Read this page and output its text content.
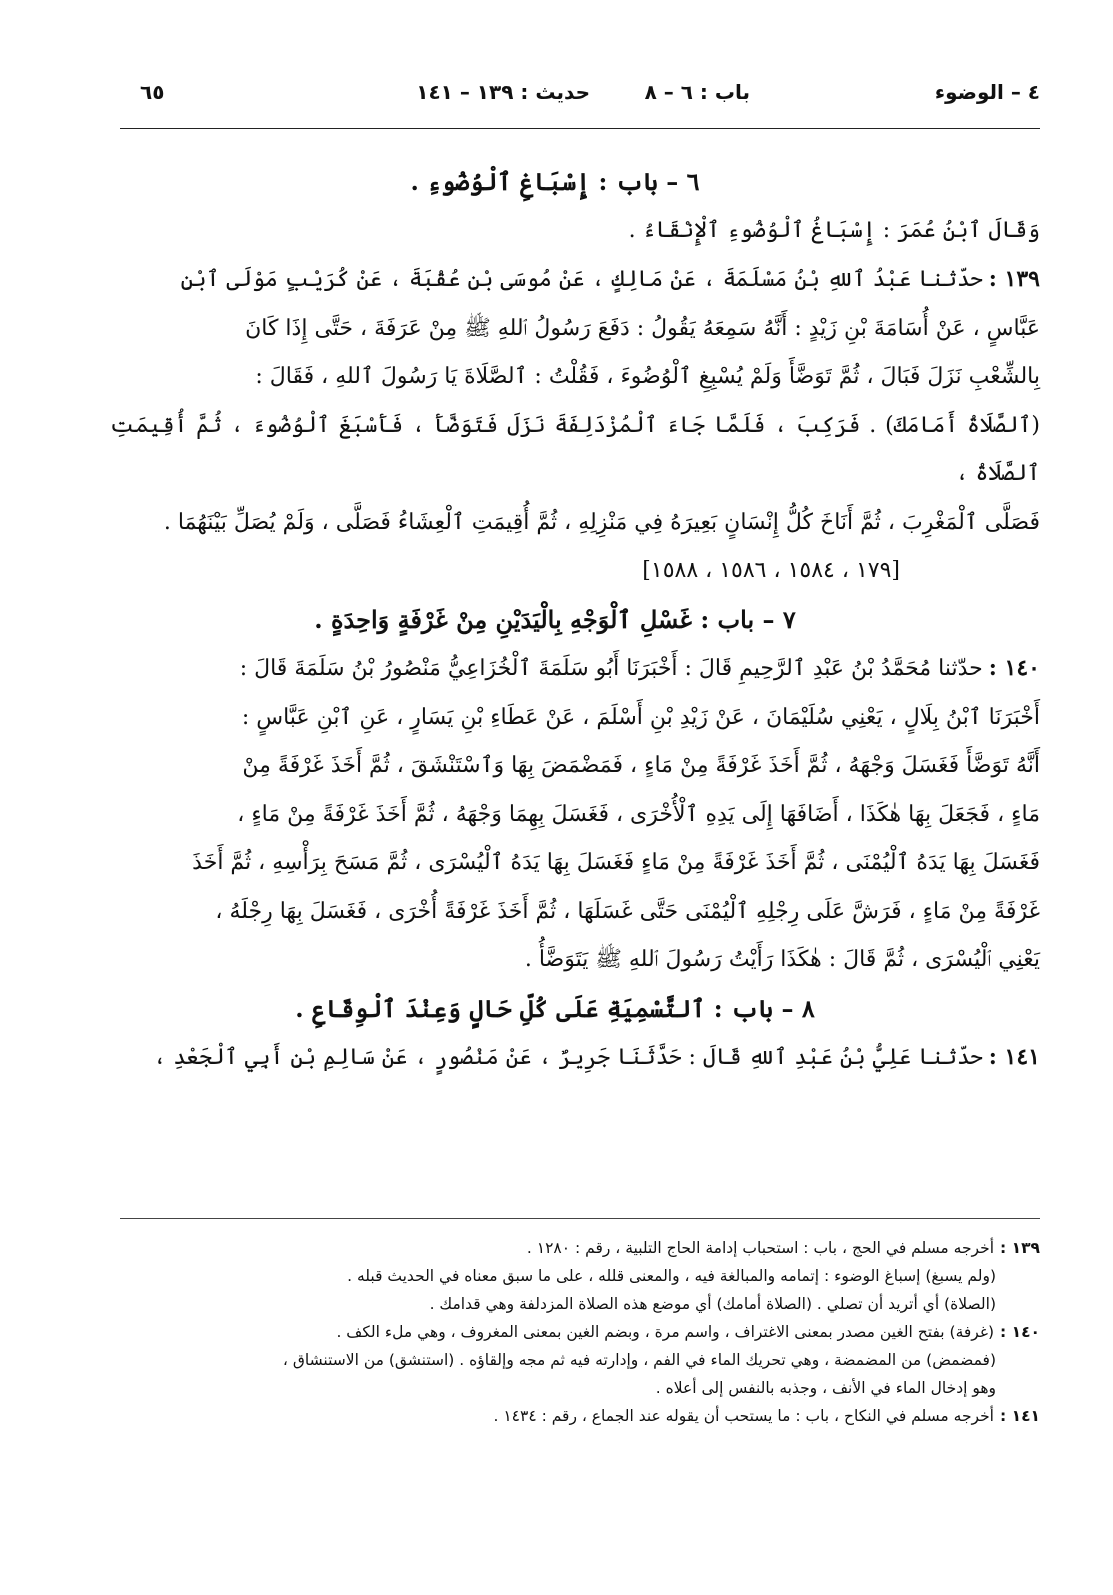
٤ – الوضوء
باب : ٦ – ٨
حديث : ١٣٩ – ١٤١
٦٥

٦ – باب : إِسْبَاغِ ٱلْوُضُوءِ .

وَقَالَ ٱبْنُ عُمَرَ : إِسْبَاغُ ٱلْوُضُوءِ ٱلْإِنْقَاءُ .

١٣٩ :حدّثنا عَبْدُ ٱللهِ بْنُ مَسْلَمَةَ ، عَنْ مَالِكٍ ، عَنْ مُوسَى بْنِ عُقْبَةَ ، عَنْ كُرَيْبٍ مَوْلَى ٱبْنِ

عَبَّاسٍ ، عَنْ أُسَامَةَ بْنِ زَيْدٍ : أَنَّهُ سَمِعَهُ يَقُولُ : دَفَعَ رَسُولُ ٱللهِ ﷺ مِنْ عَرَفَةَ ، حَتَّى إِذَا كَانَ

بِالشِّعْبِ نَزَلَ فَبَالَ ، ثُمَّ تَوَضَّأَ وَلَمْ يُسْبِغِ ٱلْوُضُوءَ ، فَقُلْتُ : ٱلصَّلَاةَ يَا رَسُولَ ٱللهِ ، فَقَالَ :

(ٱلصَّلَاةُ أَمَامَكَ) . فَرَكِبَ ، فَلَمَّا جَاءَ ٱلْمُزْدَلِفَةَ نَزَلَ فَتَوَضَّأَ ، فَأَسْبَغَ ٱلْوُضُوءَ ، ثُمَّ أُقِيمَتِ ٱلصَّلَاةُ ،

فَصَلَّى ٱلْمَغْرِبَ ، ثُمَّ أَنَاخَ كُلُّ إِنْسَانٍ بَعِيرَهُ فِي مَنْزِلِهِ ، ثُمَّ أُقِيمَتِ ٱلْعِشَاءُ فَصَلَّى ، وَلَمْ يُصَلِّ بَيْنَهُمَا .

[١٧٩ ، ١٥٨٤ ، ١٥٨٦ ، ١٥٨٨]

٧ – باب : غَسْلِ ٱلْوَجْهِ بِالْيَدَيْنِ مِنْ غَرْفَةٍ وَاحِدَةٍ .

١٤٠ :حدّثنا مُحَمَّدُ بْنُ عَبْدِ ٱلرَّحِيمِ قَالَ : أَخْبَرَنَا أَبُو سَلَمَةَ ٱلْخُزَاعِيُّ مَنْصُورُ بْنُ سَلَمَةَ قَالَ :

أَخْبَرَنَا ٱبْنُ بِلَالٍ ، يَعْنِي سُلَيْمَانَ ، عَنْ زَيْدِ بْنِ أَسْلَمَ ، عَنْ عَطَاءِ بْنِ يَسَارٍ ، عَنِ ٱبْنِ عَبَّاسٍ :

أَنَّهُ تَوَضَّأَ فَغَسَلَ وَجْهَهُ ، ثُمَّ أَخَذَ غَرْفَةً مِنْ مَاءٍ ، فَمَضْمَضَ بِهَا وَٱسْتَنْشَقَ ، ثُمَّ أَخَذَ غَرْفَةً مِنْ

مَاءٍ ، فَجَعَلَ بِهَا هٰكَذَا ، أَضَافَهَا إِلَى يَدِهِ ٱلْأُخْرَى ، فَغَسَلَ بِهِمَا وَجْهَهُ ، ثُمَّ أَخَذَ غَرْفَةً مِنْ مَاءٍ ،

فَغَسَلَ بِهَا يَدَهُ ٱلْيُمْنَى ، ثُمَّ أَخَذَ غَرْفَةً مِنْ مَاءٍ فَغَسَلَ بِهَا يَدَهُ ٱلْيُسْرَى ، ثُمَّ مَسَحَ بِرَأْسِهِ ، ثُمَّ أَخَذَ

غَرْفَةً مِنْ مَاءٍ ، فَرَشَّ عَلَى رِجْلِهِ ٱلْيُمْنَى حَتَّى غَسَلَهَا ، ثُمَّ أَخَذَ غَرْفَةً أُخْرَى ، فَغَسَلَ بِهَا رِجْلَهُ ،

يَعْنِي ٱلْيُسْرَى ، ثُمَّ قَالَ : هٰكَذَا رَأَيْتُ رَسُولَ ٱللهِ ﷺ يَتَوَضَّأُ .

٨ – باب : ٱلتَّسْمِيَةِ عَلَى كُلِّ حَالٍ وَعِنْدَ ٱلْوِقَاعِ .

١٤١ :حدّثنا عَلِيُّ بْنُ عَبْدِ ٱللهِ قَالَ : حَدَّثَنَا جَرِيرٌ ، عَنْ مَنْصُورٍ ، عَنْ سَالِمِ بْنِ أَبِي ٱلْجَعْدِ ،

١٣٩ :أخرجه مسلم في الحج ، باب : استحباب إدامة الحاج التلبية ، رقم : ١٢٨٠ .
(ولم يسبغ) إسباغ الوضوء : إتمامه والمبالغة فيه ، والمعنى قلله ، على ما سبق معناه في الحديث قبله .
(الصلاة) أي أتريد أن تصلي . (الصلاة أمامك) أي موضع هذه الصلاة المزدلفة وهي قدامك .

١٤٠ :(غرفة) بفتح الغين مصدر بمعنى الاغتراف ، واسم مرة ، وبضم الغين بمعنى المغروف ، وهي ملء الكف .
(فمضمض) من المضمضة ، وهي تحريك الماء في الفم ، وإدارته فيه ثم مجه وإلقاؤه . (استنشق) من الاستنشاق ،
وهو إدخال الماء في الأنف ، وجذبه بالنفس إلى أعلاه .

١٤١ :أخرجه مسلم في النكاح ، باب : ما يستحب أن يقوله عند الجماع ، رقم : ١٤٣٤ .
